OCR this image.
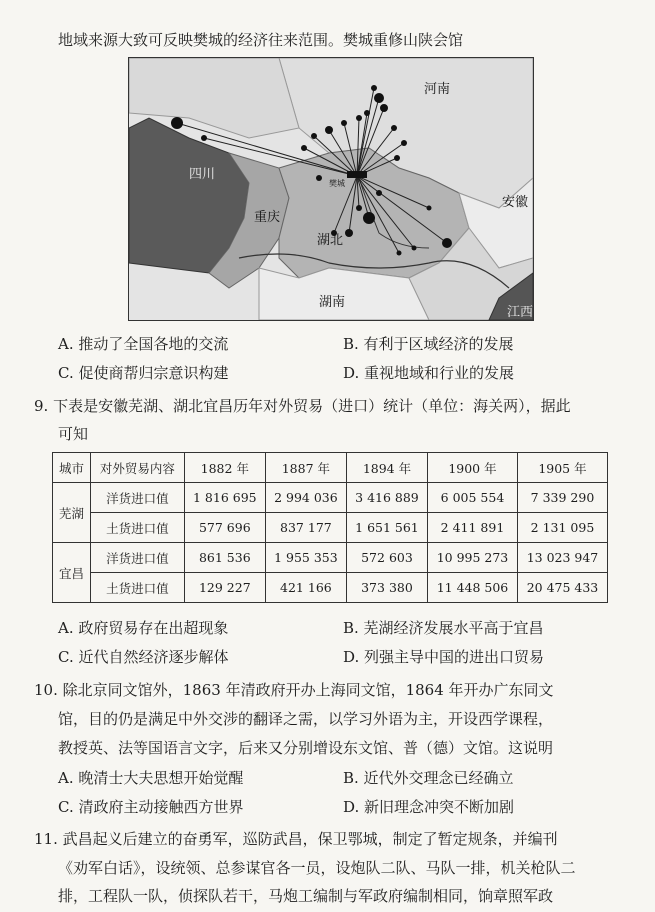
地域来源大致可反映樊城的经济往来范围。樊城重修山陕会馆
河南
四川
重庆
湖北
安徽
湖南
江西
樊城
A. 推动了全国各地的交流	B. 有利于区域经济的发展
C. 促使商帮归宗意识构建	D. 重视地域和行业的发展
9. 下表是安徽芜湖、湖北宜昌历年对外贸易（进口）统计（单位：海关两），据此
可知
城市	对外贸易内容	1882 年	1887 年	1894 年	1900 年	1905 年
芜湖	洋货进口值	1 816 695	2 994 036	3 416 889	6 005 554	7 339 290
	土货进口值	577 696	837 177	1 651 561	2 411 891	2 131 095
宜昌	洋货进口值	861 536	1 955 353	572 603	10 995 273	13 023 947
	土货进口值	129 227	421 166	373 380	11 448 506	20 475 433
A. 政府贸易存在出超现象	B. 芜湖经济发展水平高于宜昌
C. 近代自然经济逐步解体	D. 列强主导中国的进出口贸易
10. 除北京同文馆外，1863 年清政府开办上海同文馆，1864 年开办广东同文
馆，目的仍是满足中外交涉的翻译之需，以学习外语为主，开设西学课程，
教授英、法等国语言文字，后来又分别增设东文馆、普（德）文馆。这说明
A. 晚清士大夫思想开始觉醒	B. 近代外交理念已经确立
C. 清政府主动接触西方世界	D. 新旧理念冲突不断加剧
11. 武昌起义后建立的奋勇军，巡防武昌，保卫鄂城，制定了暂定规条，并编刊
《劝军白话》，设统领、总参谋官各一员，设炮队二队、马队一排，机关枪队二
排，工程队一队，侦探队若干，马炮工编制与军政府编制相同，饷章照军政
